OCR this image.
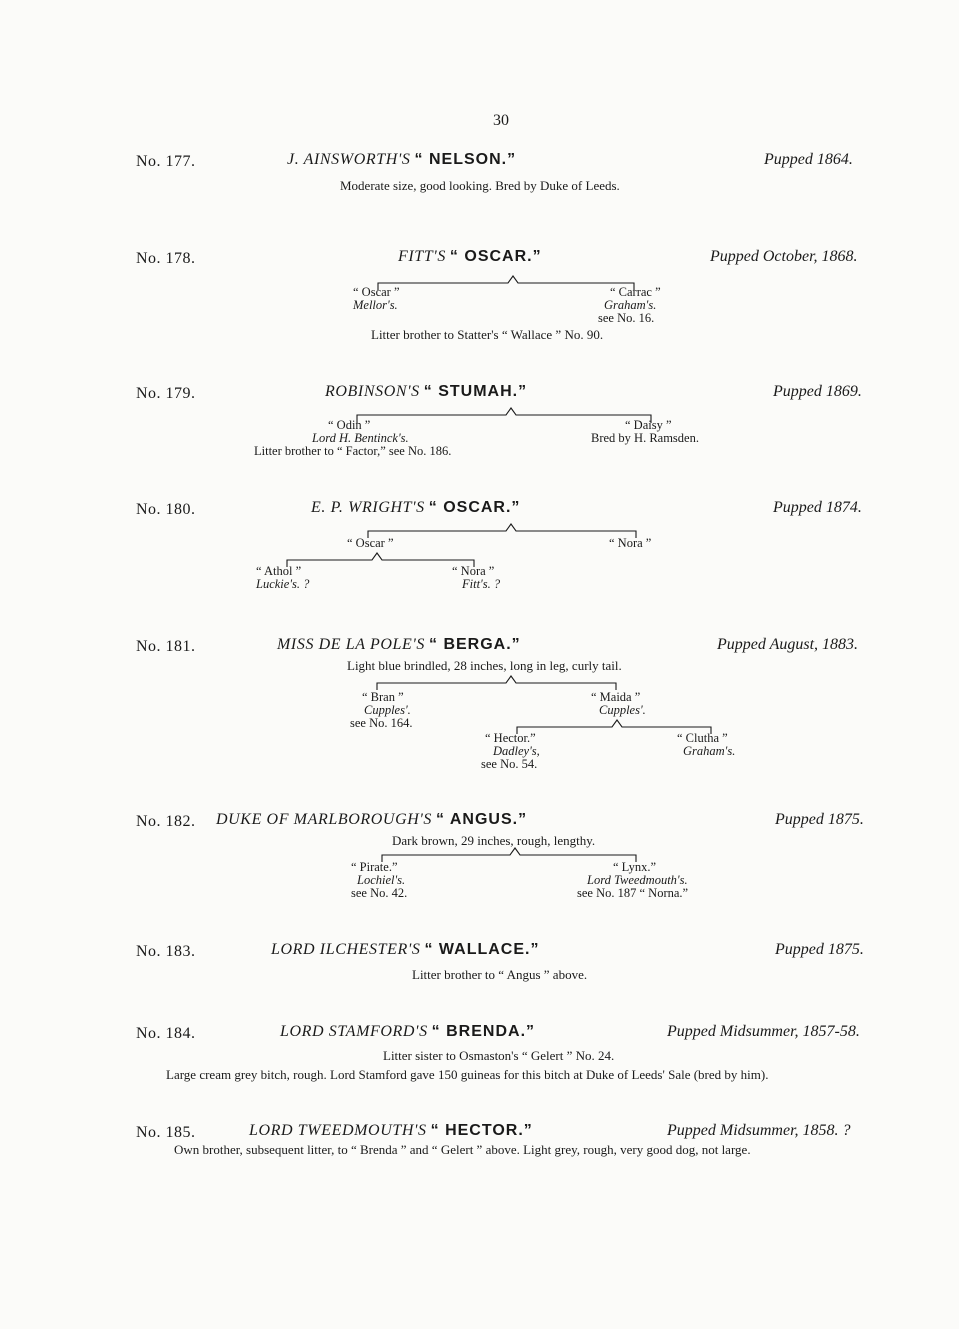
30
No. 177.	J. AINSWORTH'S “ NELSON.”	Pupped 1864.
Moderate size, good looking. Bred by Duke of Leeds.
No. 178.	FITT'S “ OSCAR.”	Pupped October, 1868.
“ Oscar ”
Mellor's.
“ Carrac ”
Graham's.
see No. 16.
Litter brother to Statter's “ Wallace ” No. 90.
No. 179.	ROBINSON'S “ STUMAH.”	Pupped 1869.
“ Odin ”
Lord H. Bentinck's.
Litter brother to “ Factor,” see No. 186.
“ Daisy ”
Bred by H. Ramsden.
No. 180.	E. P. WRIGHT'S “ OSCAR.”	Pupped 1874.
“ Oscar ”	“ Nora ”
“ Athol ”
Luckie's. ?
“ Nora ”
Fitt's. ?
No. 181.	MISS DE LA POLE'S “ BERGA.”	Pupped August, 1883.
Light blue brindled, 28 inches, long in leg, curly tail.
“ Bran ”
Cupples'.
see No. 164.
“ Maida ”
Cupples'.
“ Hector.”
Dadley's,
see No. 54.
“ Clutha ”
Graham's.
No. 182. DUKE OF MARLBOROUGH'S “ ANGUS.”	Pupped 1875.
Dark brown, 29 inches, rough, lengthy.
“ Pirate.”
Lochiel's.
see No. 42.
“ Lynx.”
Lord Tweedmouth's.
see No. 187 “ Norna.”
No. 183.	LORD ILCHESTER'S “ WALLACE.”	Pupped 1875.
Litter brother to “ Angus ” above.
No. 184.	LORD STAMFORD'S “ BRENDA.”	Pupped Midsummer, 1857-58.
Litter sister to Osmaston's “ Gelert ” No. 24.
Large cream grey bitch, rough. Lord Stamford gave 150 guineas for this bitch at Duke of Leeds' Sale (bred by him).
No. 185.	LORD TWEEDMOUTH'S “ HECTOR.”	Pupped Midsummer, 1858. ?
Own brother, subsequent litter, to “ Brenda ” and “ Gelert ” above. Light grey, rough, very good dog, not large.
